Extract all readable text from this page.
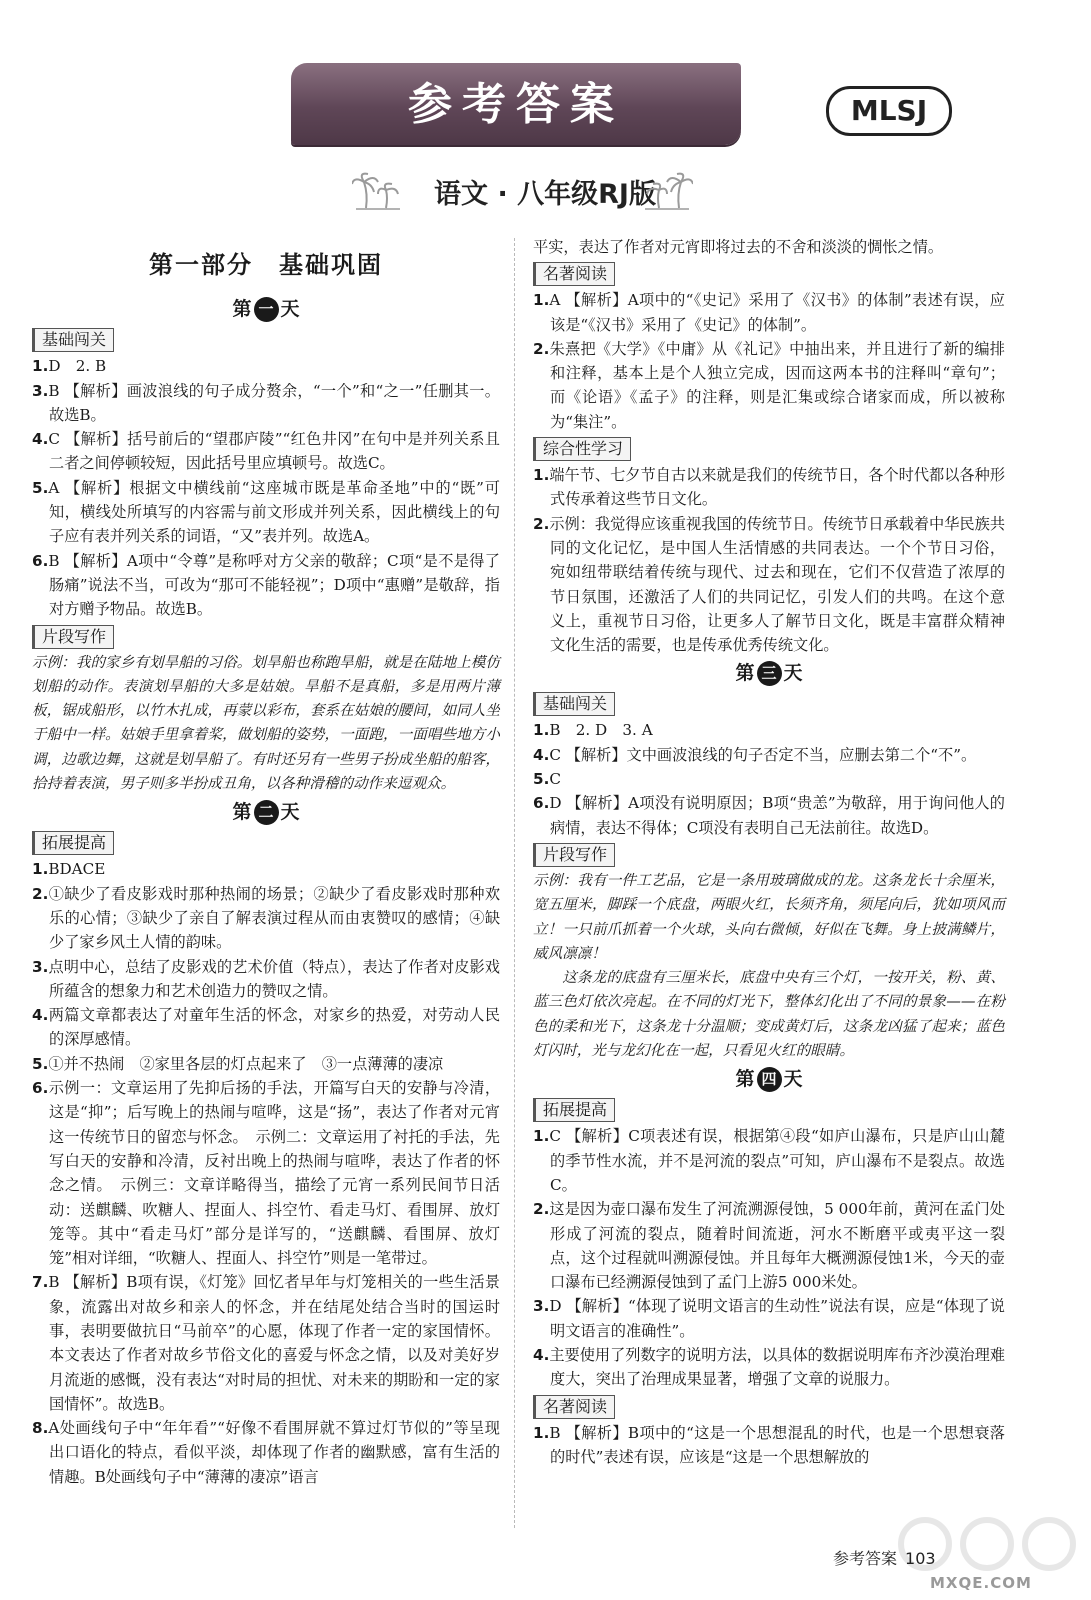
参考答案	MLSJ
语文 · 八年级RJ版
第一部分　基础巩固
第 一 天
基础闯关

1.D　2. B

3.B 【解析】画波浪线的句子成分赘余，“一个”和“之一”任删其一。故选B。

4.C 【解析】括号前后的“望郡庐陵”“红色井冈”在句中是并列关系且二者之间停顿较短，因此括号里应填顿号。故选C。

5.A 【解析】根据文中横线前“这座城市既是革命圣地”中的“既”可知，横线处所填写的内容需与前文形成并列关系，因此横线上的句子应有表并列关系的词语，“又”表并列。故选A。

6.B 【解析】A项中“令尊”是称呼对方父亲的敬辞；C项“是不是得了肠痛”说法不当，可改为“那可不能轻视”；D项中“惠赠”是敬辞，指对方赠予物品。故选B。

片段写作

示例：我的家乡有划旱船的习俗。划旱船也称跑旱船，就是在陆地上模仿划船的动作。表演划旱船的大多是姑娘。旱船不是真船，多是用两片薄板，锯成船形，以竹木扎成，再蒙以彩布，套系在姑娘的腰间，如同人坐于船中一样。姑娘手里拿着桨，做划船的姿势，一面跑，一面唱些地方小调，边歌边舞，这就是划旱船了。有时还另有一些男子扮成坐船的船客，拾持着表演，男子则多半扮成丑角，以各种滑稽的动作来逗观众。

第 二 天
拓展提高

1.BDACE

2.①缺少了看皮影戏时那种热闹的场景；②缺少了看皮影戏时那种欢乐的心情；③缺少了亲自了解表演过程从而由衷赞叹的感情；④缺少了家乡风土人情的韵味。

3.点明中心，总结了皮影戏的艺术价值（特点），表达了作者对皮影戏所蕴含的想象力和艺术创造力的赞叹之情。

4.两篇文章都表达了对童年生活的怀念，对家乡的热爱，对劳动人民的深厚感情。

5.①并不热闹　②家里各层的灯点起来了　③一点薄薄的凄凉

6.示例一：文章运用了先抑后扬的手法，开篇写白天的安静与冷清，这是“抑”；后写晚上的热闹与喧哗，这是“扬”，表达了作者对元宵这一传统节日的留恋与怀念。　示例二：文章运用了衬托的手法，先写白天的安静和冷清，反衬出晚上的热闹与喧哗，表达了作者的怀念之情。　示例三：文章详略得当，描绘了元宵一系列民间节日活动：送麒麟、吹糖人、捏面人、抖空竹、看走马灯、看围屏、放灯笼等。其中“看走马灯”部分是详写的，“送麒麟、看围屏、放灯笼”相对详细，“吹糖人、捏面人、抖空竹”则是一笔带过。

7.B 【解析】B项有误，《灯笼》回忆者早年与灯笼相关的一些生活景象，流露出对故乡和亲人的怀念，并在结尾处结合当时的国运时事，表明要做抗日“马前卒”的心愿，体现了作者一定的家国情怀。本文表达了作者对故乡节俗文化的喜爱与怀念之情，以及对美好岁月流逝的感慨，没有表达“对时局的担忧、对未来的期盼和一定的家国情怀”。故选B。

8.A处画线句子中“年年看”“好像不看围屏就不算过灯节似的”等呈现出口语化的特点，看似平淡，却体现了作者的幽默感，富有生活的情趣。B处画线句子中“薄薄的凄凉”语言

平实，表达了作者对元宵即将过去的不舍和淡淡的惆怅之情。

名著阅读

1.A 【解析】A项中的“《史记》采用了《汉书》的体制”表述有误，应该是“《汉书》采用了《史记》的体制”。

2.朱熹把《大学》《中庸》从《礼记》中抽出来，并且进行了新的编排和注释，基本上是个人独立完成，因而这两本书的注释叫“章句”；而《论语》《孟子》的注释，则是汇集或综合诸家而成，所以被称为“集注”。

综合性学习

1.端午节、七夕节自古以来就是我们的传统节日，各个时代都以各种形式传承着这些节日文化。

2.示例：我觉得应该重视我国的传统节日。传统节日承载着中华民族共同的文化记忆，是中国人生活情感的共同表达。一个个节日习俗，宛如纽带联结着传统与现代、过去和现在，它们不仅营造了浓厚的节日氛围，还激活了人们的共同记忆，引发人们的共鸣。在这个意义上，重视节日习俗，让更多人了解节日文化，既是丰富群众精神文化生活的需要，也是传承优秀传统文化。

第 三 天
基础闯关

1.B　2. D　3. A

4.C 【解析】文中画波浪线的句子否定不当，应删去第二个“不”。

5.C

6.D 【解析】A项没有说明原因；B项“贵恙”为敬辞，用于询问他人的病情，表达不得体；C项没有表明自己无法前往。故选D。

片段写作

示例：我有一件工艺品，它是一条用玻璃做成的龙。这条龙长十余厘米，宽五厘米，脚踩一个底盘，两眼火红，长须齐角，须尾向后，犹如项风而立！一只前爪抓着一个火球，头向右微倾，好似在飞舞。身上披满鳞片，威风凛凛！

这条龙的底盘有三厘米长，底盘中央有三个灯，一按开关，粉、黄、蓝三色灯依次亮起。在不同的灯光下，整体幻化出了不同的景象——在粉色的柔和光下，这条龙十分温顺；变成黄灯后，这条龙凶猛了起来；蓝色灯闪时，光与龙幻化在一起，只看见火红的眼睛。

第 四 天
拓展提高

1.C 【解析】C项表述有误，根据第④段“如庐山瀑布，只是庐山山麓的季节性水流，并不是河流的裂点”可知，庐山瀑布不是裂点。故选C。

2.这是因为壶口瀑布发生了河流溯源侵蚀，5 000年前，黄河在孟门处形成了河流的裂点，随着时间流逝，河水不断磨平或夷平这一裂点，这个过程就叫溯源侵蚀。并且每年大概溯源侵蚀1米，今天的壶口瀑布已经溯源侵蚀到了孟门上游5 000米处。

3.D 【解析】“体现了说明文语言的生动性”说法有误，应是“体现了说明文语言的准确性”。

4.主要使用了列数字的说明方法，以具体的数据说明库布齐沙漠治理难度大，突出了治理成果显著，增强了文章的说服力。

名著阅读

1.B 【解析】B项中的“这是一个思想混乱的时代，也是一个思想衰落的时代”表述有误，应该是“这是一个思想解放的

参考答案 103
MXQE.COM
